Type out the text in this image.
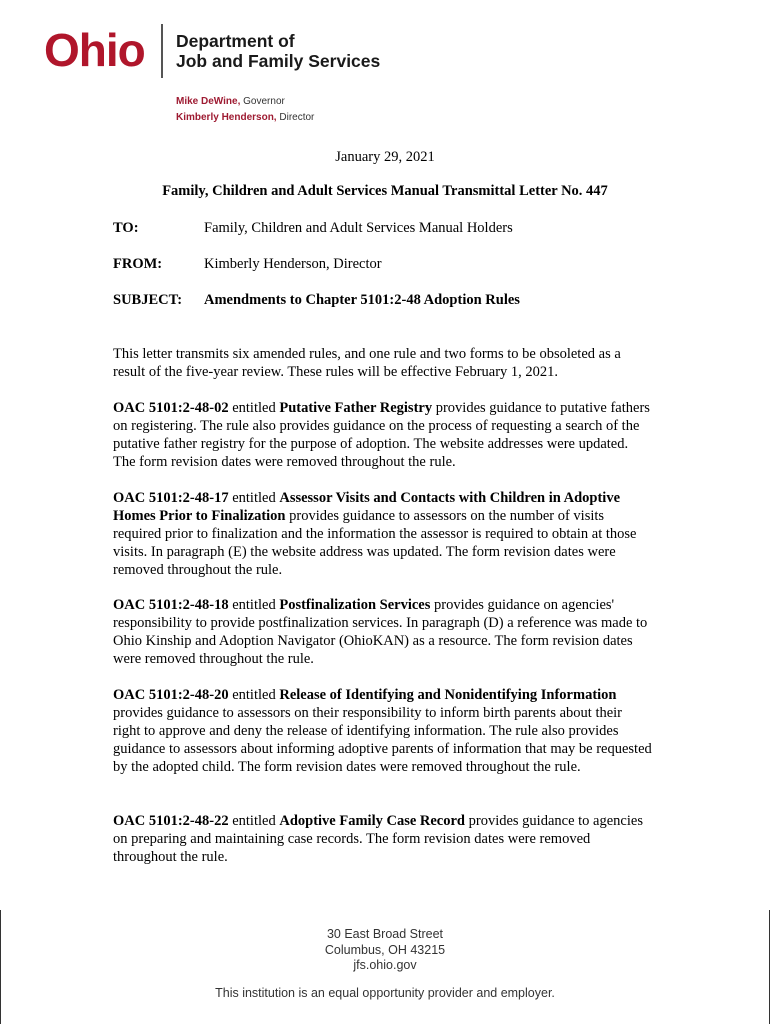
Ohio Department of
Job and Family Services
Mike DeWine, Governor
Kimberly Henderson, Director
January 29, 2021
Family, Children and Adult Services Manual Transmittal Letter No. 447
TO:	Family, Children and Adult Services Manual Holders
FROM:	Kimberly Henderson, Director
SUBJECT: Amendments to Chapter 5101:2-48 Adoption Rules
This letter transmits six amended rules, and one rule and two forms to be obsoleted as a result of the five-year review. These rules will be effective February 1, 2021.
OAC 5101:2-48-02 entitled Putative Father Registry provides guidance to putative fathers on registering. The rule also provides guidance on the process of requesting a search of the putative father registry for the purpose of adoption. The website addresses were updated. The form revision dates were removed throughout the rule.
OAC 5101:2-48-17 entitled Assessor Visits and Contacts with Children in Adoptive Homes Prior to Finalization provides guidance to assessors on the number of visits required prior to finalization and the information the assessor is required to obtain at those visits. In paragraph (E) the website address was updated. The form revision dates were removed throughout the rule.
OAC 5101:2-48-18 entitled Postfinalization Services provides guidance on agencies' responsibility to provide postfinalization services. In paragraph (D) a reference was made to Ohio Kinship and Adoption Navigator (OhioKAN) as a resource. The form revision dates were removed throughout the rule.
OAC 5101:2-48-20 entitled Release of Identifying and Nonidentifying Information provides guidance to assessors on their responsibility to inform birth parents about their right to approve and deny the release of identifying information. The rule also provides guidance to assessors about informing adoptive parents of information that may be requested by the adopted child. The form revision dates were removed throughout the rule.
OAC 5101:2-48-22 entitled Adoptive Family Case Record provides guidance to agencies on preparing and maintaining case records. The form revision dates were removed throughout the rule.
30 East Broad Street
Columbus, OH 43215
jfs.ohio.gov
This institution is an equal opportunity provider and employer.
